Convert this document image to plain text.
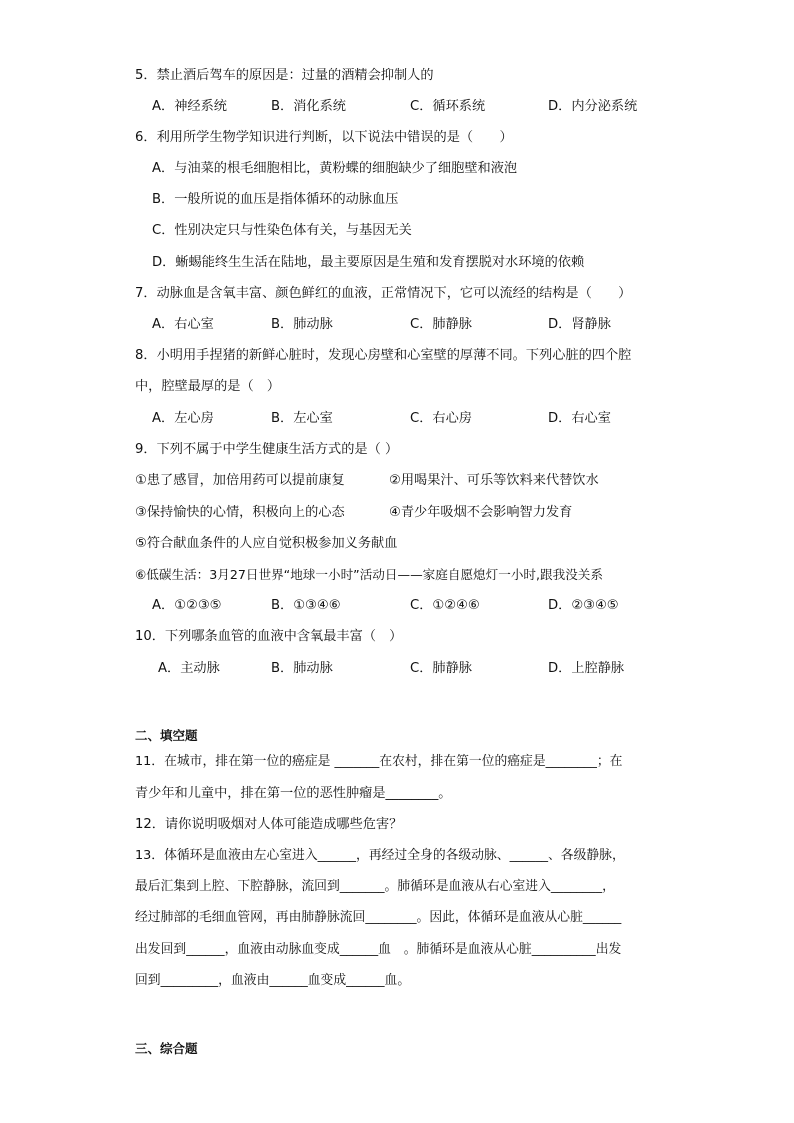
5．禁止酒后驾车的原因是：过量的酒精会抑制人的
A．神经系统	B．消化系统	C．循环系统	D．内分泌系统
6．利用所学生物学知识进行判断，以下说法中错误的是（　　）
A．与油菜的根毛细胞相比，黄粉蝶的细胞缺少了细胞壁和液泡
B．一般所说的血压是指体循环的动脉血压
C．性别决定只与性染色体有关，与基因无关
D．蜥蜴能终生生活在陆地，最主要原因是生殖和发育摆脱对水环境的依赖
7．动脉血是含氧丰富、颜色鲜红的血液，正常情况下，它可以流经的结构是（　　）
A．右心室	B．肺动脉	C．肺静脉	D．肾静脉
8．小明用手捏猪的新鲜心脏时，发现心房壁和心室壁的厚薄不同。下列心脏的四个腔
中，腔壁最厚的是（　）
A．左心房	B．左心室	C．右心房	D．右心室
9．下列不属于中学生健康生活方式的是（ ）
①患了感冒，加倍用药可以提前康复	②用喝果汁、可乐等饮料来代替饮水
③保持愉快的心情，积极向上的心态	④青少年吸烟不会影响智力发育
⑤符合献血条件的人应自觉积极参加义务献血
⑥低碳生活：3月27日世界“地球一小时”活动日——家庭自愿熄灯一小时,跟我没关系
A．①②③⑤	B．①③④⑥	C．①②④⑥	D．②③④⑤
10．下列哪条血管的血液中含氧最丰富（　）
A．主动脉	B．肺动脉	C．肺静脉	D．上腔静脉
二、填空题
11．在城市，排在第一位的癌症是 _______在农村，排在第一位的癌症是________；在
青少年和儿童中，排在第一位的恶性肿瘤是________。
12．请你说明吸烟对人体可能造成哪些危害？
13．体循环是血液由左心室进入______，再经过全身的各级动脉、______、各级静脉，
最后汇集到上腔、下腔静脉，流回到_______。肺循环是血液从右心室进入________，
经过肺部的毛细血管网，再由肺静脉流回________。因此，体循环是血液从心脏______
出发回到______，血液由动脉血变成______血　。肺循环是血液从心脏__________出发
回到_________，血液由______血变成______血。
三、综合题
